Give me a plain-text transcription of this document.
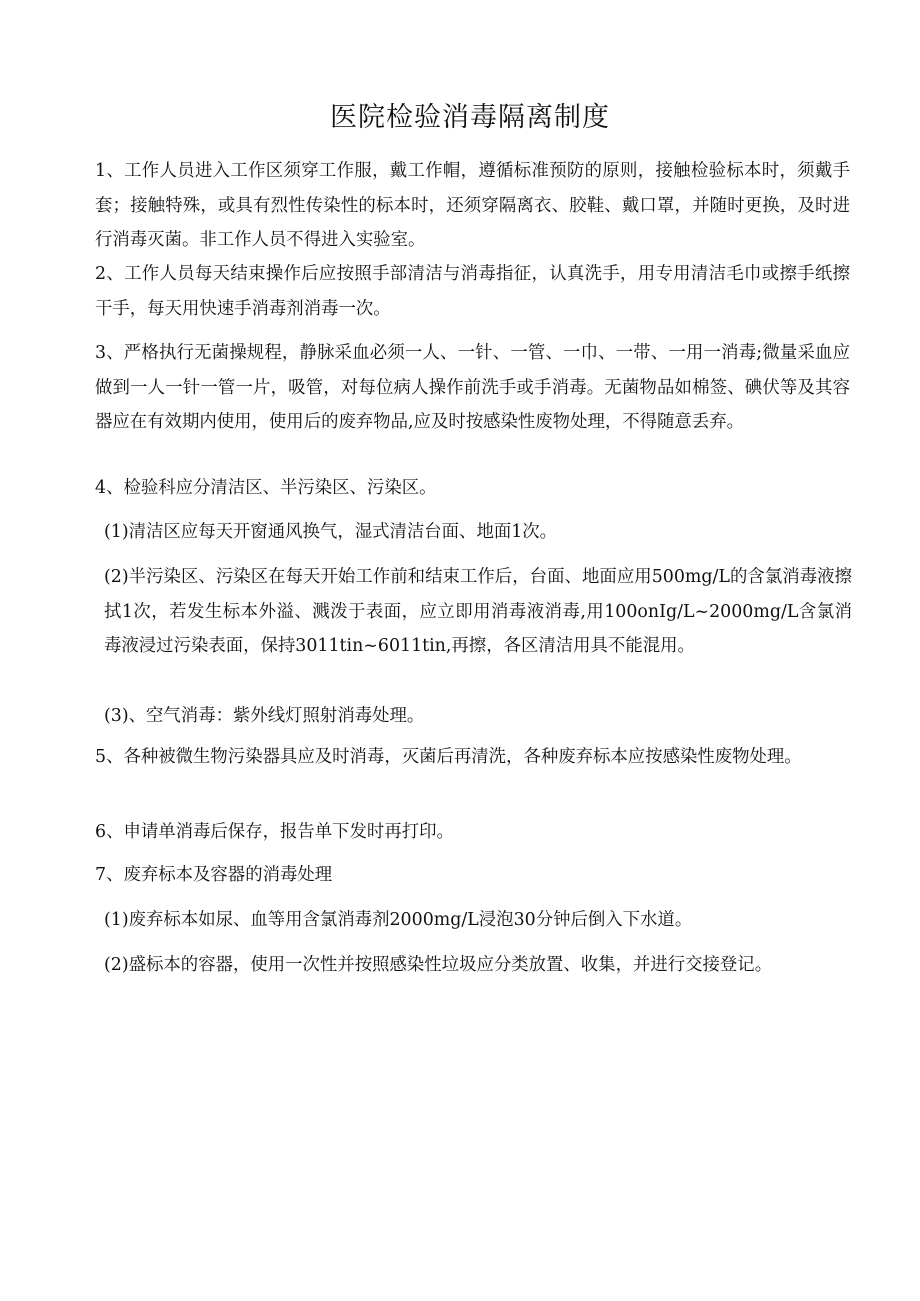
医院检验消毒隔离制度

1、工作人员进入工作区须穿工作服，戴工作帽，遵循标准预防的原则，接触检验标本时，须戴手套；接触特殊，或具有烈性传染性的标本时，还须穿隔离衣、胶鞋、戴口罩，并随时更换，及时进行消毒灭菌。非工作人员不得进入实验室。

2、工作人员每天结束操作后应按照手部清洁与消毒指征，认真洗手，用专用清洁毛巾或擦手纸擦干手，每天用快速手消毒剂消毒一次。

3、严格执行无菌操规程，静脉采血必须一人、一针、一管、一巾、一带、一用一消毒;微量采血应做到一人一针一管一片，吸管，对每位病人操作前洗手或手消毒。无菌物品如棉签、碘伏等及其容器应在有效期内使用，使用后的废弃物品,应及时按感染性废物处理，不得随意丢弃。

4、检验科应分清洁区、半污染区、污染区。

(1)清洁区应每天开窗通风换气，湿式清洁台面、地面1次。

(2)半污染区、污染区在每天开始工作前和结束工作后，台面、地面应用500mg/L的含氯消毒液擦拭1次，若发生标本外溢、溅泼于表面，应立即用消毒液消毒,用100onIg/L~2000mg/L含氯消毒液浸过污染表面，保持3011tin~6011tin,再擦，各区清洁用具不能混用。

(3)、空气消毒：紫外线灯照射消毒处理。

5、各种被微生物污染器具应及时消毒，灭菌后再清洗，各种废弃标本应按感染性废物处理。

6、申请单消毒后保存，报告单下发时再打印。

7、废弃标本及容器的消毒处理

(1)废弃标本如尿、血等用含氯消毒剂2000mg/L浸泡30分钟后倒入下水道。

(2)盛标本的容器，使用一次性并按照感染性垃圾应分类放置、收集，并进行交接登记。
